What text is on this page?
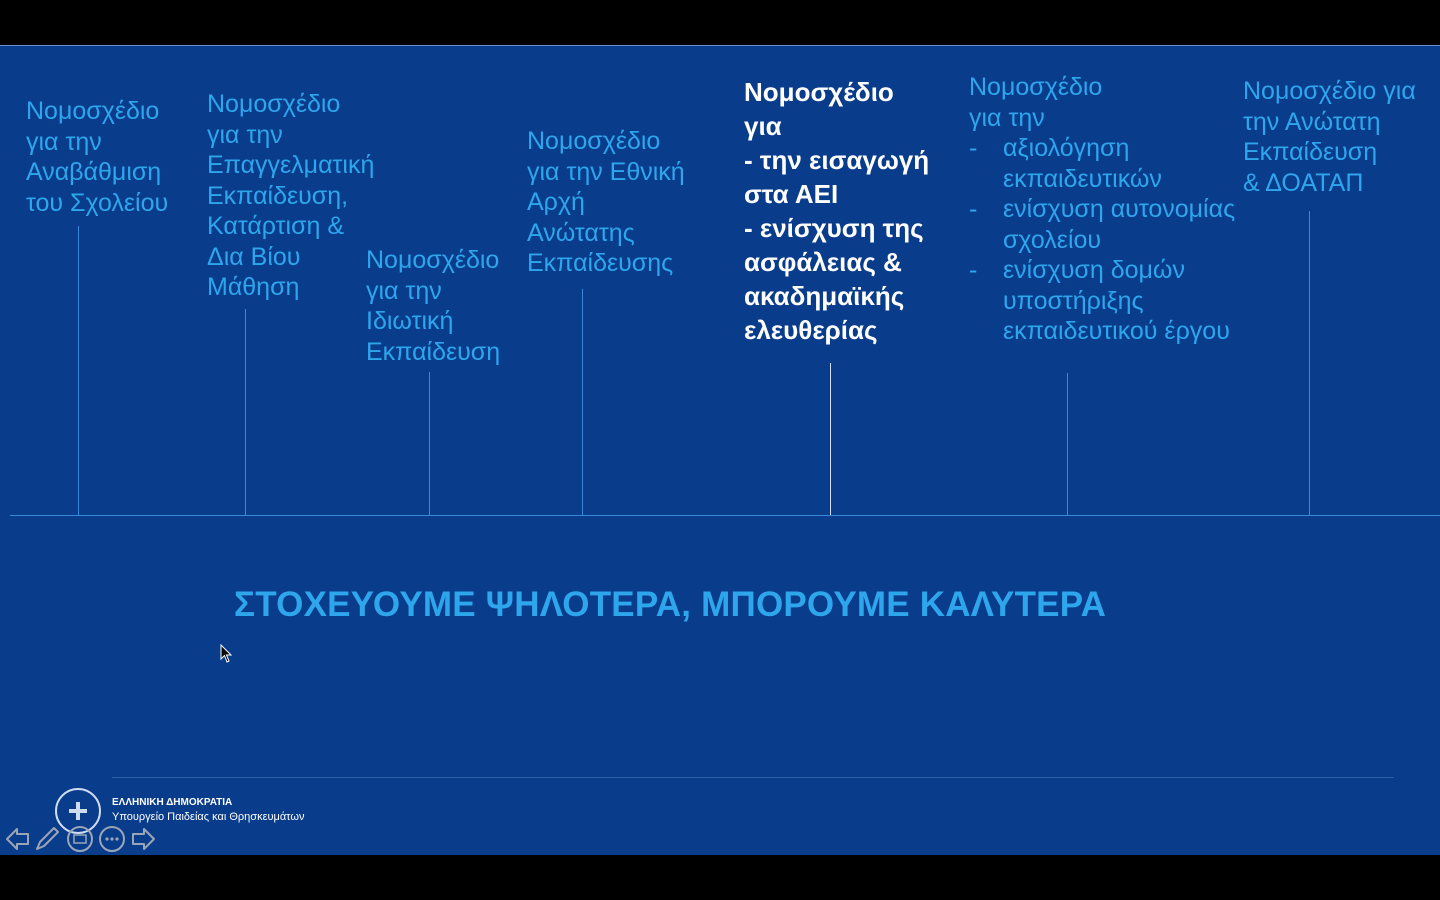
Νομοσχέδιο
για την
Αναβάθμιση
του Σχολείου
Νομοσχέδιο
για την
Επαγγελματική
Εκπαίδευση,
Κατάρτιση &
Δια Βίου
Μάθηση
Νομοσχέδιο
για την
Ιδιωτική
Εκπαίδευση
Νομοσχέδιο
για την Εθνική
Αρχή
Ανώτατης
Εκπαίδευσης
Νομοσχέδιο
για
- την εισαγωγή
στα ΑΕΙ
- ενίσχυση της
ασφάλειας &
ακαδημαϊκής
ελευθερίας
Νομοσχέδιο
για την
- αξιολόγηση
εκπαιδευτικών
- ενίσχυση αυτονομίας
σχολείου
- ενίσχυση δομών
υποστήριξης
εκπαιδευτικού έργου
Νομοσχέδιο για
την Ανώτατη
Εκπαίδευση
& ΔΟΑΤΑΠ
ΣΤΟΧΕΥΟΥΜΕ ΨΗΛΟΤΕΡΑ, ΜΠΟΡΟΥΜΕ ΚΑΛΥΤΕΡΑ
ΕΛΛΗΝΙΚΗ ΔΗΜΟΚΡΑΤΙΑ
Υπουργείο Παιδείας και Θρησκευμάτων
